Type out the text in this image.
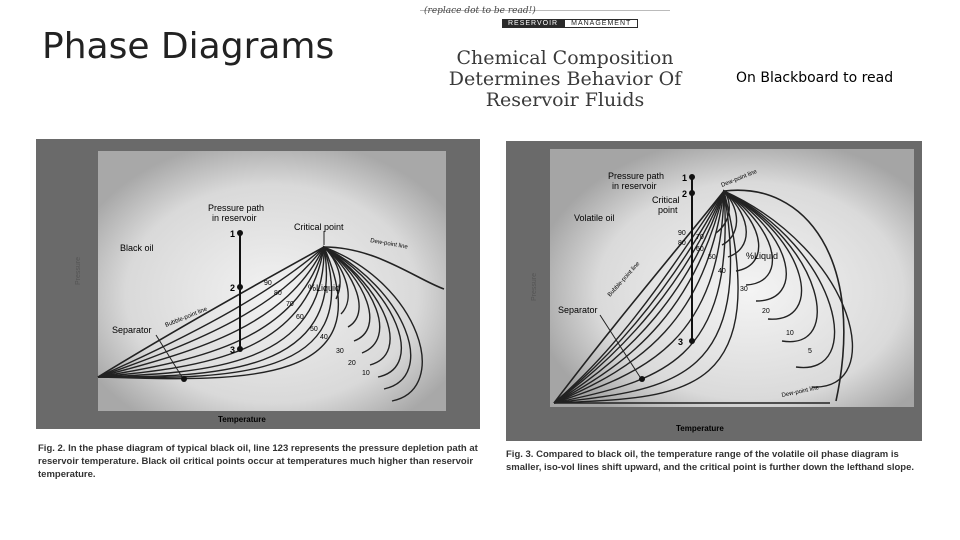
Phase Diagrams
On Blackboard to read
(replace dot to be read!)
RESERVOIR	MANAGEMENT
Chemical Composition
Determines Behavior Of
Reservoir Fluids
1
2
3
Pressure path
in reservoir
Black oil
Critical point
Dew-point line
Bubble-point line
%Liquid
Separator
Temperature
Pressure	90
80
70
60
50
40
30
20
10
Fig. 2. In the phase diagram of typical black oil, line 123 represents the pressure depletion path at reservoir temperature. Black oil critical points occur at temperatures much higher than reservoir temperature.
1
2
3
Pressure path
in reservoir
Critical
point
Volatile oil
Dew-point line
Dew-point line
Bubble-point line
%Liquid
Separator
Temperature
Pressure
90
80
70
60
50
40
30
20
10
5
Fig. 3. Compared to black oil, the temperature range of the volatile oil phase diagram is smaller, iso-vol lines shift upward, and the critical point is further down the lefthand slope.
